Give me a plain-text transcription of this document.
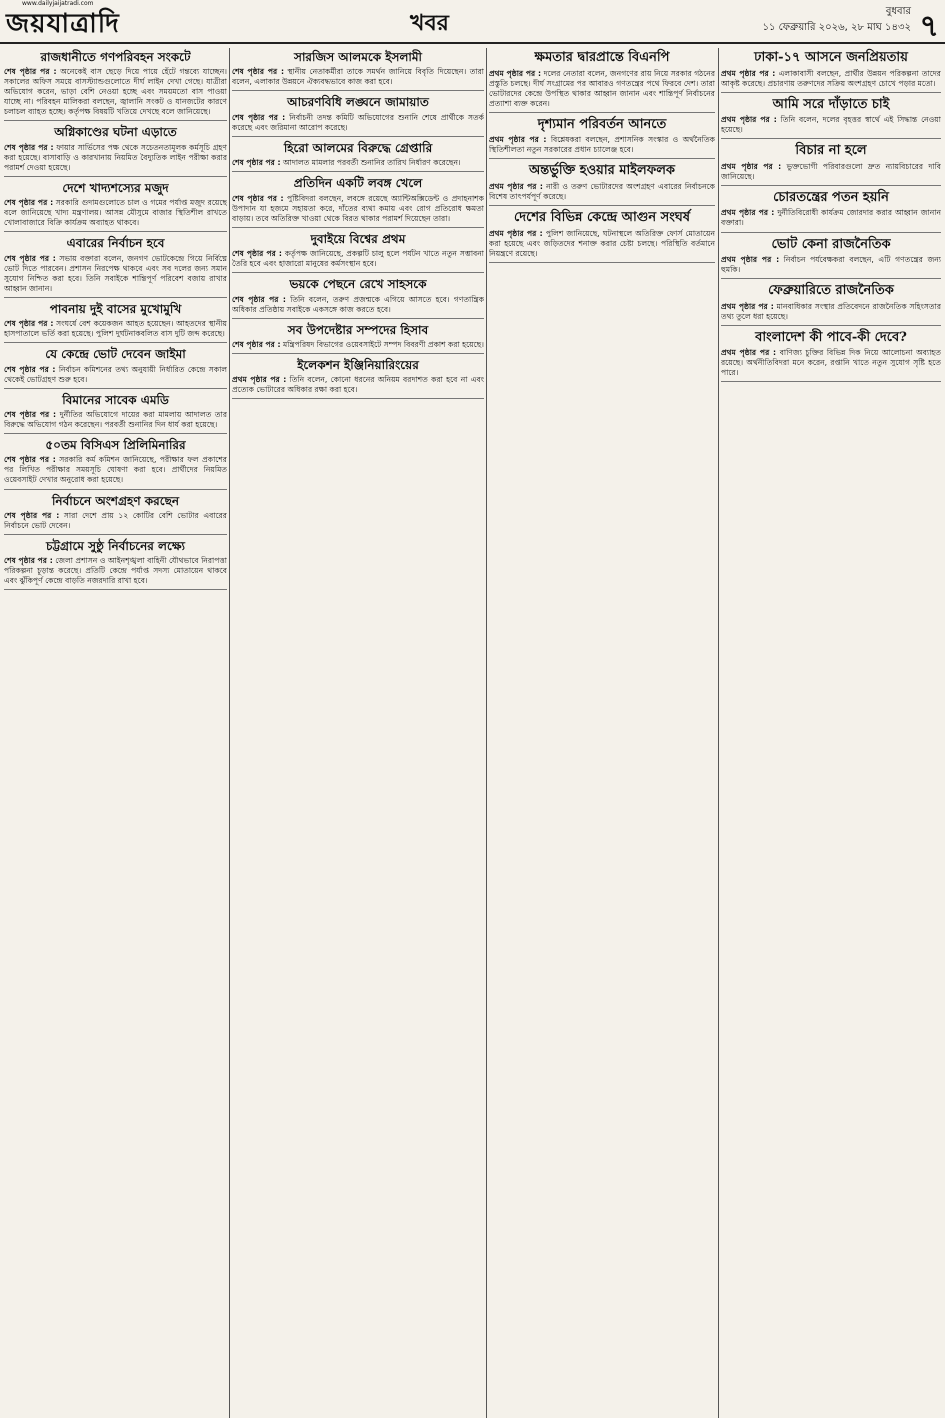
www.dailyjaijatradi.com
জয়যাত্রাদি	খবর	বুধবার
১১ ফেব্রুয়ারি ২০২৬, ২৮ মাঘ ১৪৩২ ৭
রাজধানীতে গণপরিবহন সংকটে
শেষ পৃষ্ঠার পর : অনেকেই বাস ছেড়ে দিয়ে পায়ে হেঁটে গন্তব্যে যাচ্ছেন। সকালের অফিস সময়ে বাসস্ট্যান্ডগুলোতে দীর্ঘ লাইন দেখা গেছে। যাত্রীরা অভিযোগ করেন, ভাড়া বেশি নেওয়া হচ্ছে এবং সময়মতো বাস পাওয়া যাচ্ছে না। পরিবহন মালিকরা বলছেন, জ্বালানি সংকট ও যানজটের কারণে চলাচল ব্যাহত হচ্ছে। কর্তৃপক্ষ বিষয়টি খতিয়ে দেখছে বলে জানিয়েছে।
অগ্নিকাণ্ডের ঘটনা এড়াতে
শেষ পৃষ্ঠার পর : ফায়ার সার্ভিসের পক্ষ থেকে সচেতনতামূলক কর্মসূচি গ্রহণ করা হয়েছে। বাসাবাড়ি ও কারখানায় নিয়মিত বৈদ্যুতিক লাইন পরীক্ষা করার পরামর্শ দেওয়া হয়েছে।
দেশে খাদ্যশস্যের মজুদ
শেষ পৃষ্ঠার পর : সরকারি গুদামগুলোতে চাল ও গমের পর্যাপ্ত মজুদ রয়েছে বলে জানিয়েছে খাদ্য মন্ত্রণালয়। আসন্ন মৌসুমে বাজার স্থিতিশীল রাখতে খোলাবাজারে বিক্রি কার্যক্রম অব্যাহত থাকবে।
এবারের নির্বাচন হবে
শেষ পৃষ্ঠার পর : সভায় বক্তারা বলেন, জনগণ ভোটকেন্দ্রে গিয়ে নির্বিঘ্নে ভোট দিতে পারবেন। প্রশাসন নিরপেক্ষ থাকবে এবং সব দলের জন্য সমান সুযোগ নিশ্চিত করা হবে। তিনি সবাইকে শান্তিপূর্ণ পরিবেশ বজায় রাখার আহ্বান জানান।
পাবনায় দুই বাসের মুখোমুখি
শেষ পৃষ্ঠার পর : সংঘর্ষে বেশ কয়েকজন আহত হয়েছেন। আহতদের স্থানীয় হাসপাতালে ভর্তি করা হয়েছে। পুলিশ দুর্ঘটনাকবলিত বাস দুটি জব্দ করেছে।
যে কেন্দ্রে ভোট দেবেন জাইমা
শেষ পৃষ্ঠার পর : নির্বাচন কমিশনের তথ্য অনুযায়ী নির্ধারিত কেন্দ্রে সকাল থেকেই ভোটগ্রহণ শুরু হবে।
বিমানের সাবেক এমডি
শেষ পৃষ্ঠার পর : দুর্নীতির অভিযোগে দায়ের করা মামলায় আদালত তার বিরুদ্ধে অভিযোগ গঠন করেছেন। পরবর্তী শুনানির দিন ধার্য করা হয়েছে।
৫০তম বিসিএস প্রিলিমিনারির
শেষ পৃষ্ঠার পর : সরকারি কর্ম কমিশন জানিয়েছে, পরীক্ষার ফল প্রকাশের পর লিখিত পরীক্ষার সময়সূচি ঘোষণা করা হবে। প্রার্থীদের নিয়মিত ওয়েবসাইট দেখার অনুরোধ করা হয়েছে।
নির্বাচনে অংশগ্রহণ করছেন
শেষ পৃষ্ঠার পর : সারা দেশে প্রায় ১২ কোটির বেশি ভোটার এবারের নির্বাচনে ভোট দেবেন।
চট্টগ্রামে সুষ্ঠু নির্বাচনের লক্ষ্যে
শেষ পৃষ্ঠার পর : জেলা প্রশাসন ও আইনশৃঙ্খলা বাহিনী যৌথভাবে নিরাপত্তা পরিকল্পনা চূড়ান্ত করেছে। প্রতিটি কেন্দ্রে পর্যাপ্ত সদস্য মোতায়েন থাকবে এবং ঝুঁকিপূর্ণ কেন্দ্রে বাড়তি নজরদারি রাখা হবে।
সারজিস আলমকে ইসলামী
শেষ পৃষ্ঠার পর : স্থানীয় নেতাকর্মীরা তাকে সমর্থন জানিয়ে বিবৃতি দিয়েছেন। তারা বলেন, এলাকার উন্নয়নে ঐক্যবদ্ধভাবে কাজ করা হবে।
আচরণবিধি লঙ্ঘনে জামায়াত
শেষ পৃষ্ঠার পর : নির্বাচনী তদন্ত কমিটি অভিযোগের শুনানি শেষে প্রার্থীকে সতর্ক করেছে এবং জরিমানা আরোপ করেছে।
হিরো আলমের বিরুদ্ধে গ্রেপ্তারি
শেষ পৃষ্ঠার পর : আদালত মামলার পরবর্তী শুনানির তারিখ নির্ধারণ করেছেন।
প্রতিদিন একটি লবঙ্গ খেলে
শেষ পৃষ্ঠার পর : পুষ্টিবিদরা বলছেন, লবঙ্গে রয়েছে অ্যান্টিঅক্সিডেন্ট ও প্রদাহনাশক উপাদান যা হজমে সহায়তা করে, দাঁতের ব্যথা কমায় এবং রোগ প্রতিরোধ ক্ষমতা বাড়ায়। তবে অতিরিক্ত খাওয়া থেকে বিরত থাকার পরামর্শ দিয়েছেন তারা।
দুবাইয়ে বিশ্বের প্রথম
শেষ পৃষ্ঠার পর : কর্তৃপক্ষ জানিয়েছে, প্রকল্পটি চালু হলে পর্যটন খাতে নতুন সম্ভাবনা তৈরি হবে এবং হাজারো মানুষের কর্মসংস্থান হবে।
ভয়কে পেছনে রেখে সাহসকে
শেষ পৃষ্ঠার পর : তিনি বলেন, তরুণ প্রজন্মকে এগিয়ে আসতে হবে। গণতান্ত্রিক অধিকার প্রতিষ্ঠায় সবাইকে একসঙ্গে কাজ করতে হবে।
সব উপদেষ্টার সম্পদের হিসাব
শেষ পৃষ্ঠার পর : মন্ত্রিপরিষদ বিভাগের ওয়েবসাইটে সম্পদ বিবরণী প্রকাশ করা হয়েছে।
ইলেকশন ইঞ্জিনিয়ারিংয়ের
প্রথম পৃষ্ঠার পর : তিনি বলেন, কোনো ধরনের অনিয়ম বরদাশত করা হবে না এবং প্রত্যেক ভোটারের অধিকার রক্ষা করা হবে।
ক্ষমতার দ্বারপ্রান্তে বিএনপি
প্রথম পৃষ্ঠার পর : দলের নেতারা বলেন, জনগণের রায় নিয়ে সরকার গঠনের প্রস্তুতি চলছে। দীর্ঘ সংগ্রামের পর আবারও গণতন্ত্রের পথে ফিরবে দেশ। তারা ভোটারদের কেন্দ্রে উপস্থিত থাকার আহ্বান জানান এবং শান্তিপূর্ণ নির্বাচনের প্রত্যাশা ব্যক্ত করেন।
দৃশ্যমান পরিবর্তন আনতে
প্রথম পৃষ্ঠার পর : বিশ্লেষকরা বলছেন, প্রশাসনিক সংস্কার ও অর্থনৈতিক স্থিতিশীলতা নতুন সরকারের প্রধান চ্যালেঞ্জ হবে।
অন্তর্ভুক্তি হওয়ার মাইলফলক
প্রথম পৃষ্ঠার পর : নারী ও তরুণ ভোটারদের অংশগ্রহণ এবারের নির্বাচনকে বিশেষ তাৎপর্যপূর্ণ করেছে।
দেশের বিভিন্ন কেন্দ্রে আগুন সংঘর্ষ
প্রথম পৃষ্ঠার পর : পুলিশ জানিয়েছে, ঘটনাস্থলে অতিরিক্ত ফোর্স মোতায়েন করা হয়েছে এবং জড়িতদের শনাক্ত করার চেষ্টা চলছে। পরিস্থিতি বর্তমানে নিয়ন্ত্রণে রয়েছে।
ঢাকা-১৭ আসনে জনপ্রিয়তায়
প্রথম পৃষ্ঠার পর : এলাকাবাসী বলছেন, প্রার্থীর উন্নয়ন পরিকল্পনা তাদের আকৃষ্ট করেছে। প্রচারণায় তরুণদের সক্রিয় অংশগ্রহণ চোখে পড়ার মতো।
আমি সরে দাঁড়াতে চাই
প্রথম পৃষ্ঠার পর : তিনি বলেন, দলের বৃহত্তর স্বার্থে এই সিদ্ধান্ত নেওয়া হয়েছে।
বিচার না হলে
প্রথম পৃষ্ঠার পর : ভুক্তভোগী পরিবারগুলো দ্রুত ন্যায়বিচারের দাবি জানিয়েছে।
চোরতন্ত্রের পতন হয়নি
প্রথম পৃষ্ঠার পর : দুর্নীতিবিরোধী কার্যক্রম জোরদার করার আহ্বান জানান বক্তারা।
ভোট কেনা রাজনৈতিক
প্রথম পৃষ্ঠার পর : নির্বাচন পর্যবেক্ষকরা বলছেন, এটি গণতন্ত্রের জন্য হুমকি।
ফেব্রুয়ারিতে রাজনৈতিক
প্রথম পৃষ্ঠার পর : মানবাধিকার সংস্থার প্রতিবেদনে রাজনৈতিক সহিংসতার তথ্য তুলে ধরা হয়েছে।
বাংলাদেশ কী পাবে-কী দেবে?
প্রথম পৃষ্ঠার পর : বাণিজ্য চুক্তির বিভিন্ন দিক নিয়ে আলোচনা অব্যাহত রয়েছে। অর্থনীতিবিদরা মনে করেন, রপ্তানি খাতে নতুন সুযোগ সৃষ্টি হতে পারে।
